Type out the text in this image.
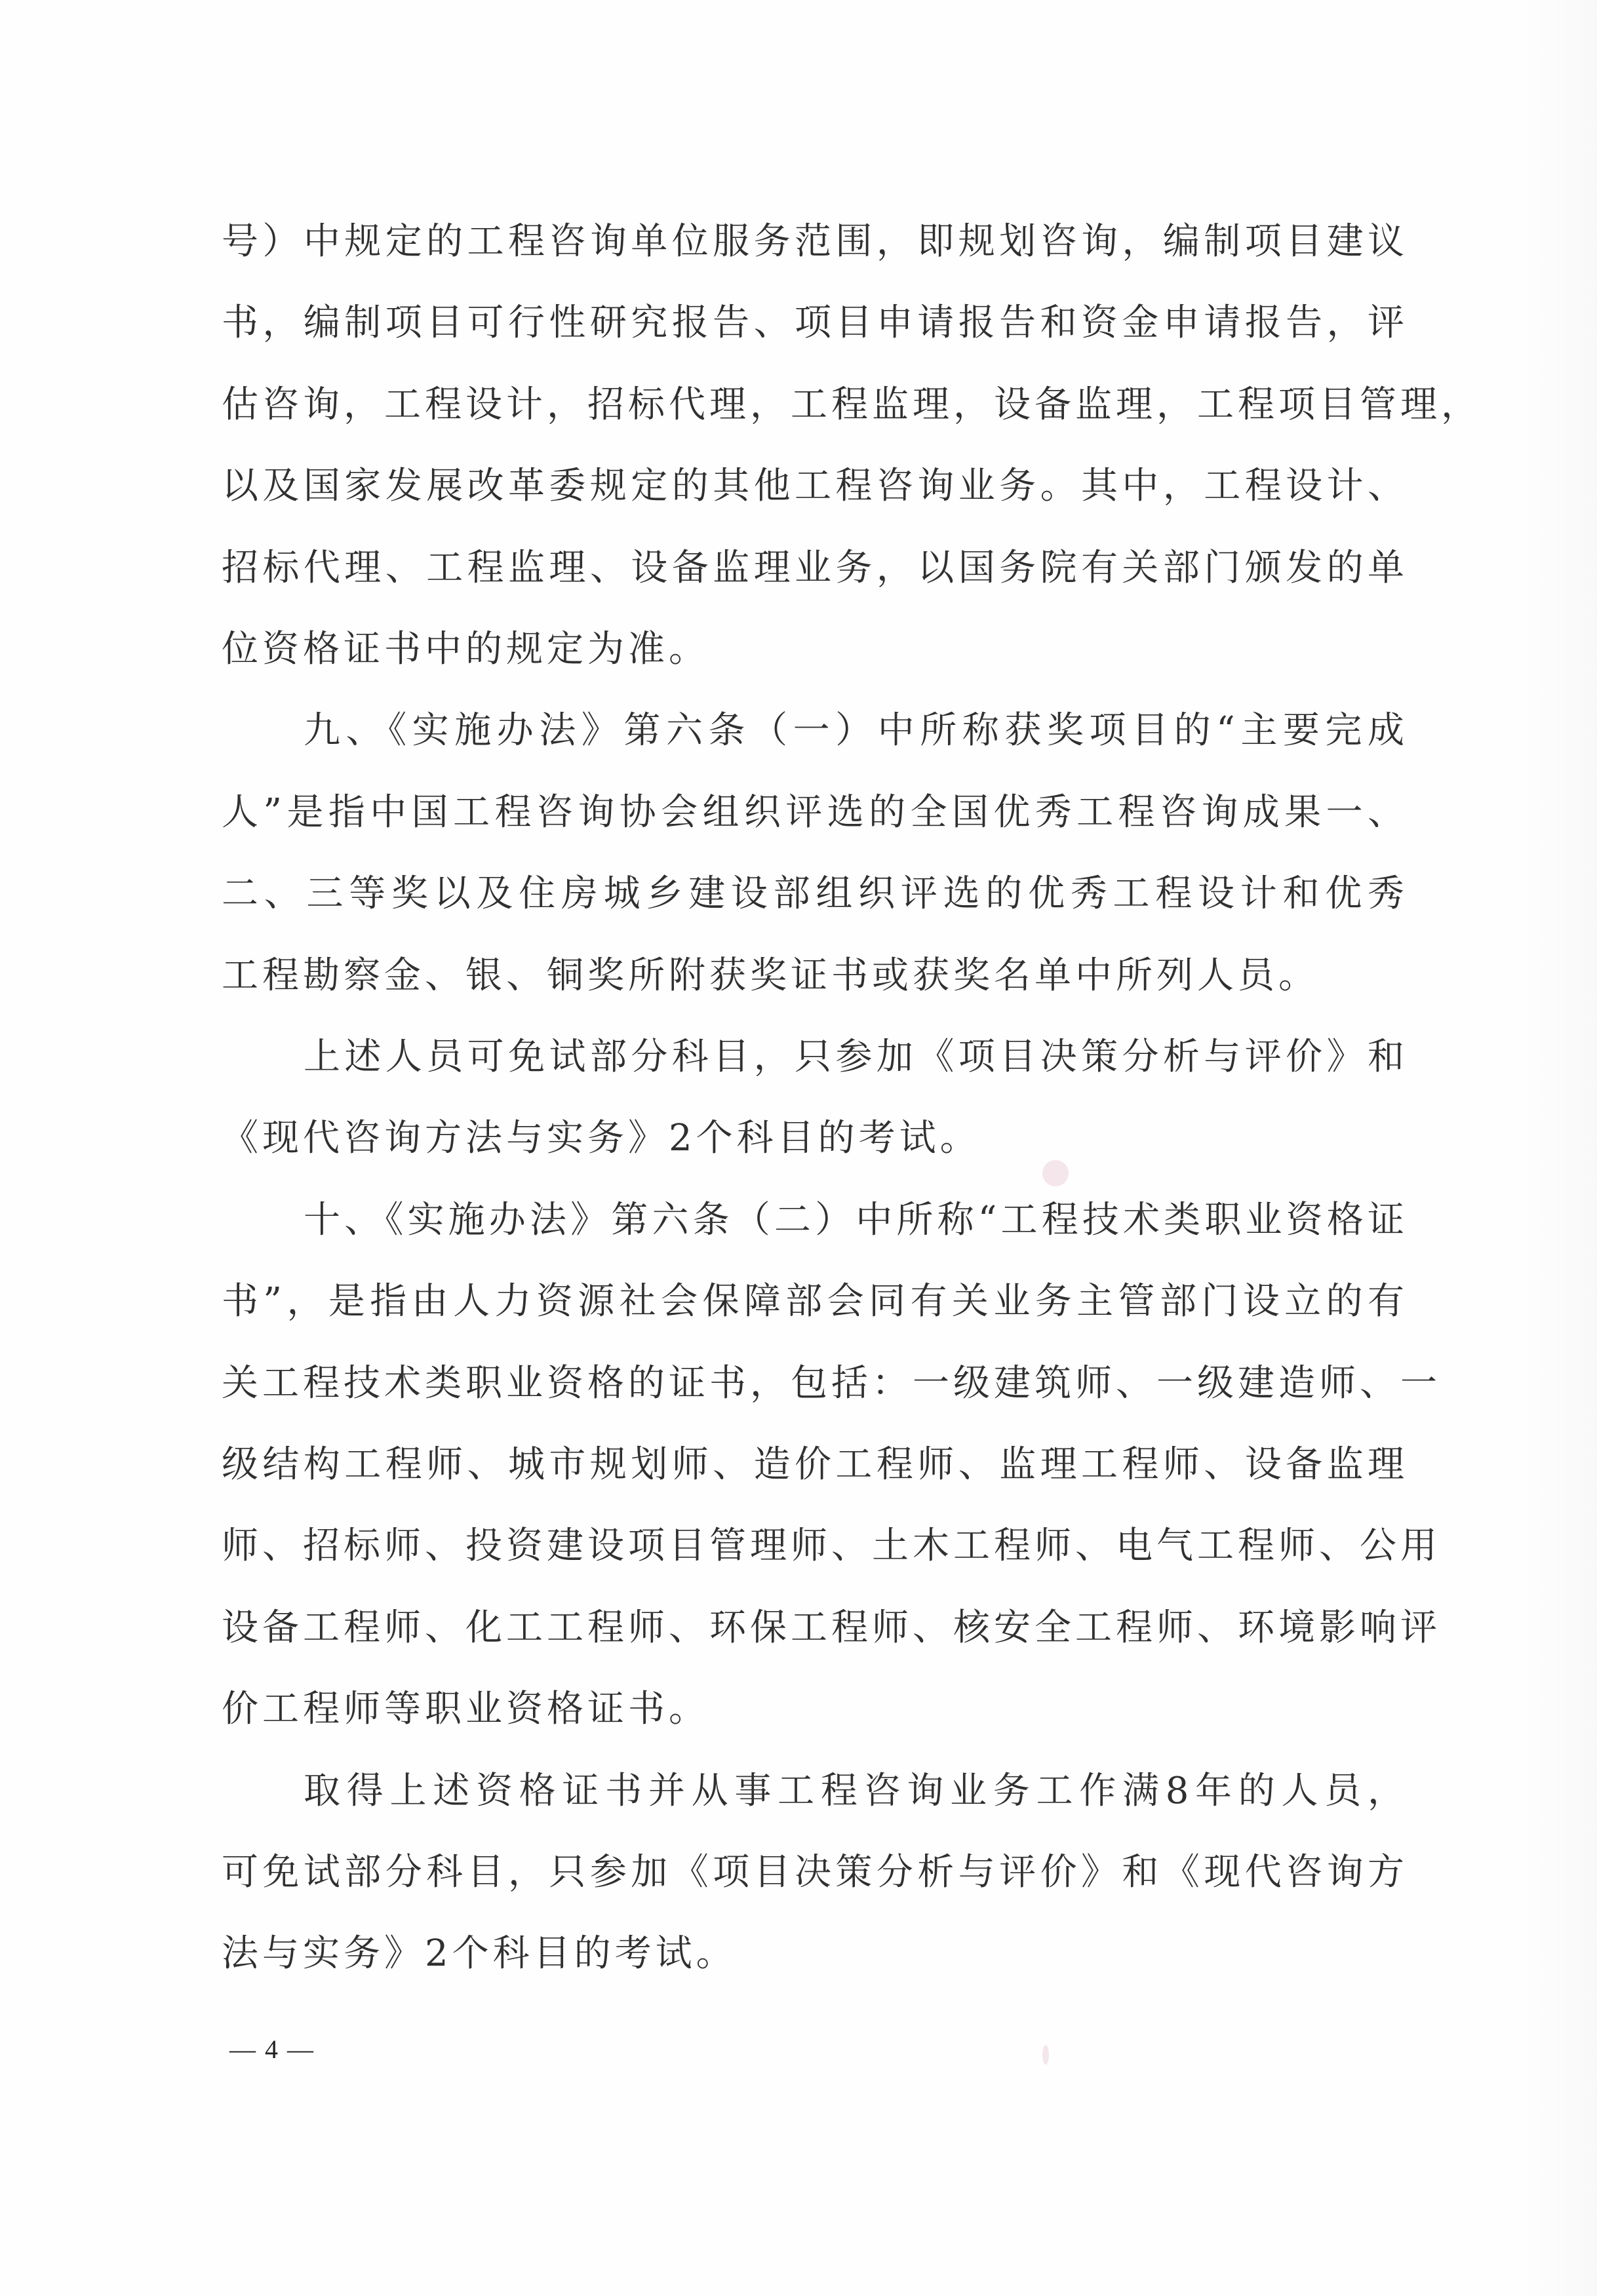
号）中规定的工程咨询单位服务范围，即规划咨询，编制项目建议
书，编制项目可行性研究报告、项目申请报告和资金申请报告，评
估咨询，工程设计，招标代理，工程监理，设备监理，工程项目管理，
以及国家发展改革委规定的其他工程咨询业务。其中，工程设计、
招标代理、工程监理、设备监理业务，以国务院有关部门颁发的单
位资格证书中的规定为准。
九、《实施办法》第六条（一）中所称获奖项目的“主要完成
人”是指中国工程咨询协会组织评选的全国优秀工程咨询成果一、
二、三等奖以及住房城乡建设部组织评选的优秀工程设计和优秀
工程勘察金、银、铜奖所附获奖证书或获奖名单中所列人员。
上述人员可免试部分科目，只参加《项目决策分析与评价》和
《现代咨询方法与实务》2个科目的考试。
十、《实施办法》第六条（二）中所称“工程技术类职业资格证
书”，是指由人力资源社会保障部会同有关业务主管部门设立的有
关工程技术类职业资格的证书，包括：一级建筑师、一级建造师、一
级结构工程师、城市规划师、造价工程师、监理工程师、设备监理
师、招标师、投资建设项目管理师、土木工程师、电气工程师、公用
设备工程师、化工工程师、环保工程师、核安全工程师、环境影响评
价工程师等职业资格证书。
取得上述资格证书并从事工程咨询业务工作满8年的人员，
可免试部分科目，只参加《项目决策分析与评价》和《现代咨询方
法与实务》2个科目的考试。
— 4 —
